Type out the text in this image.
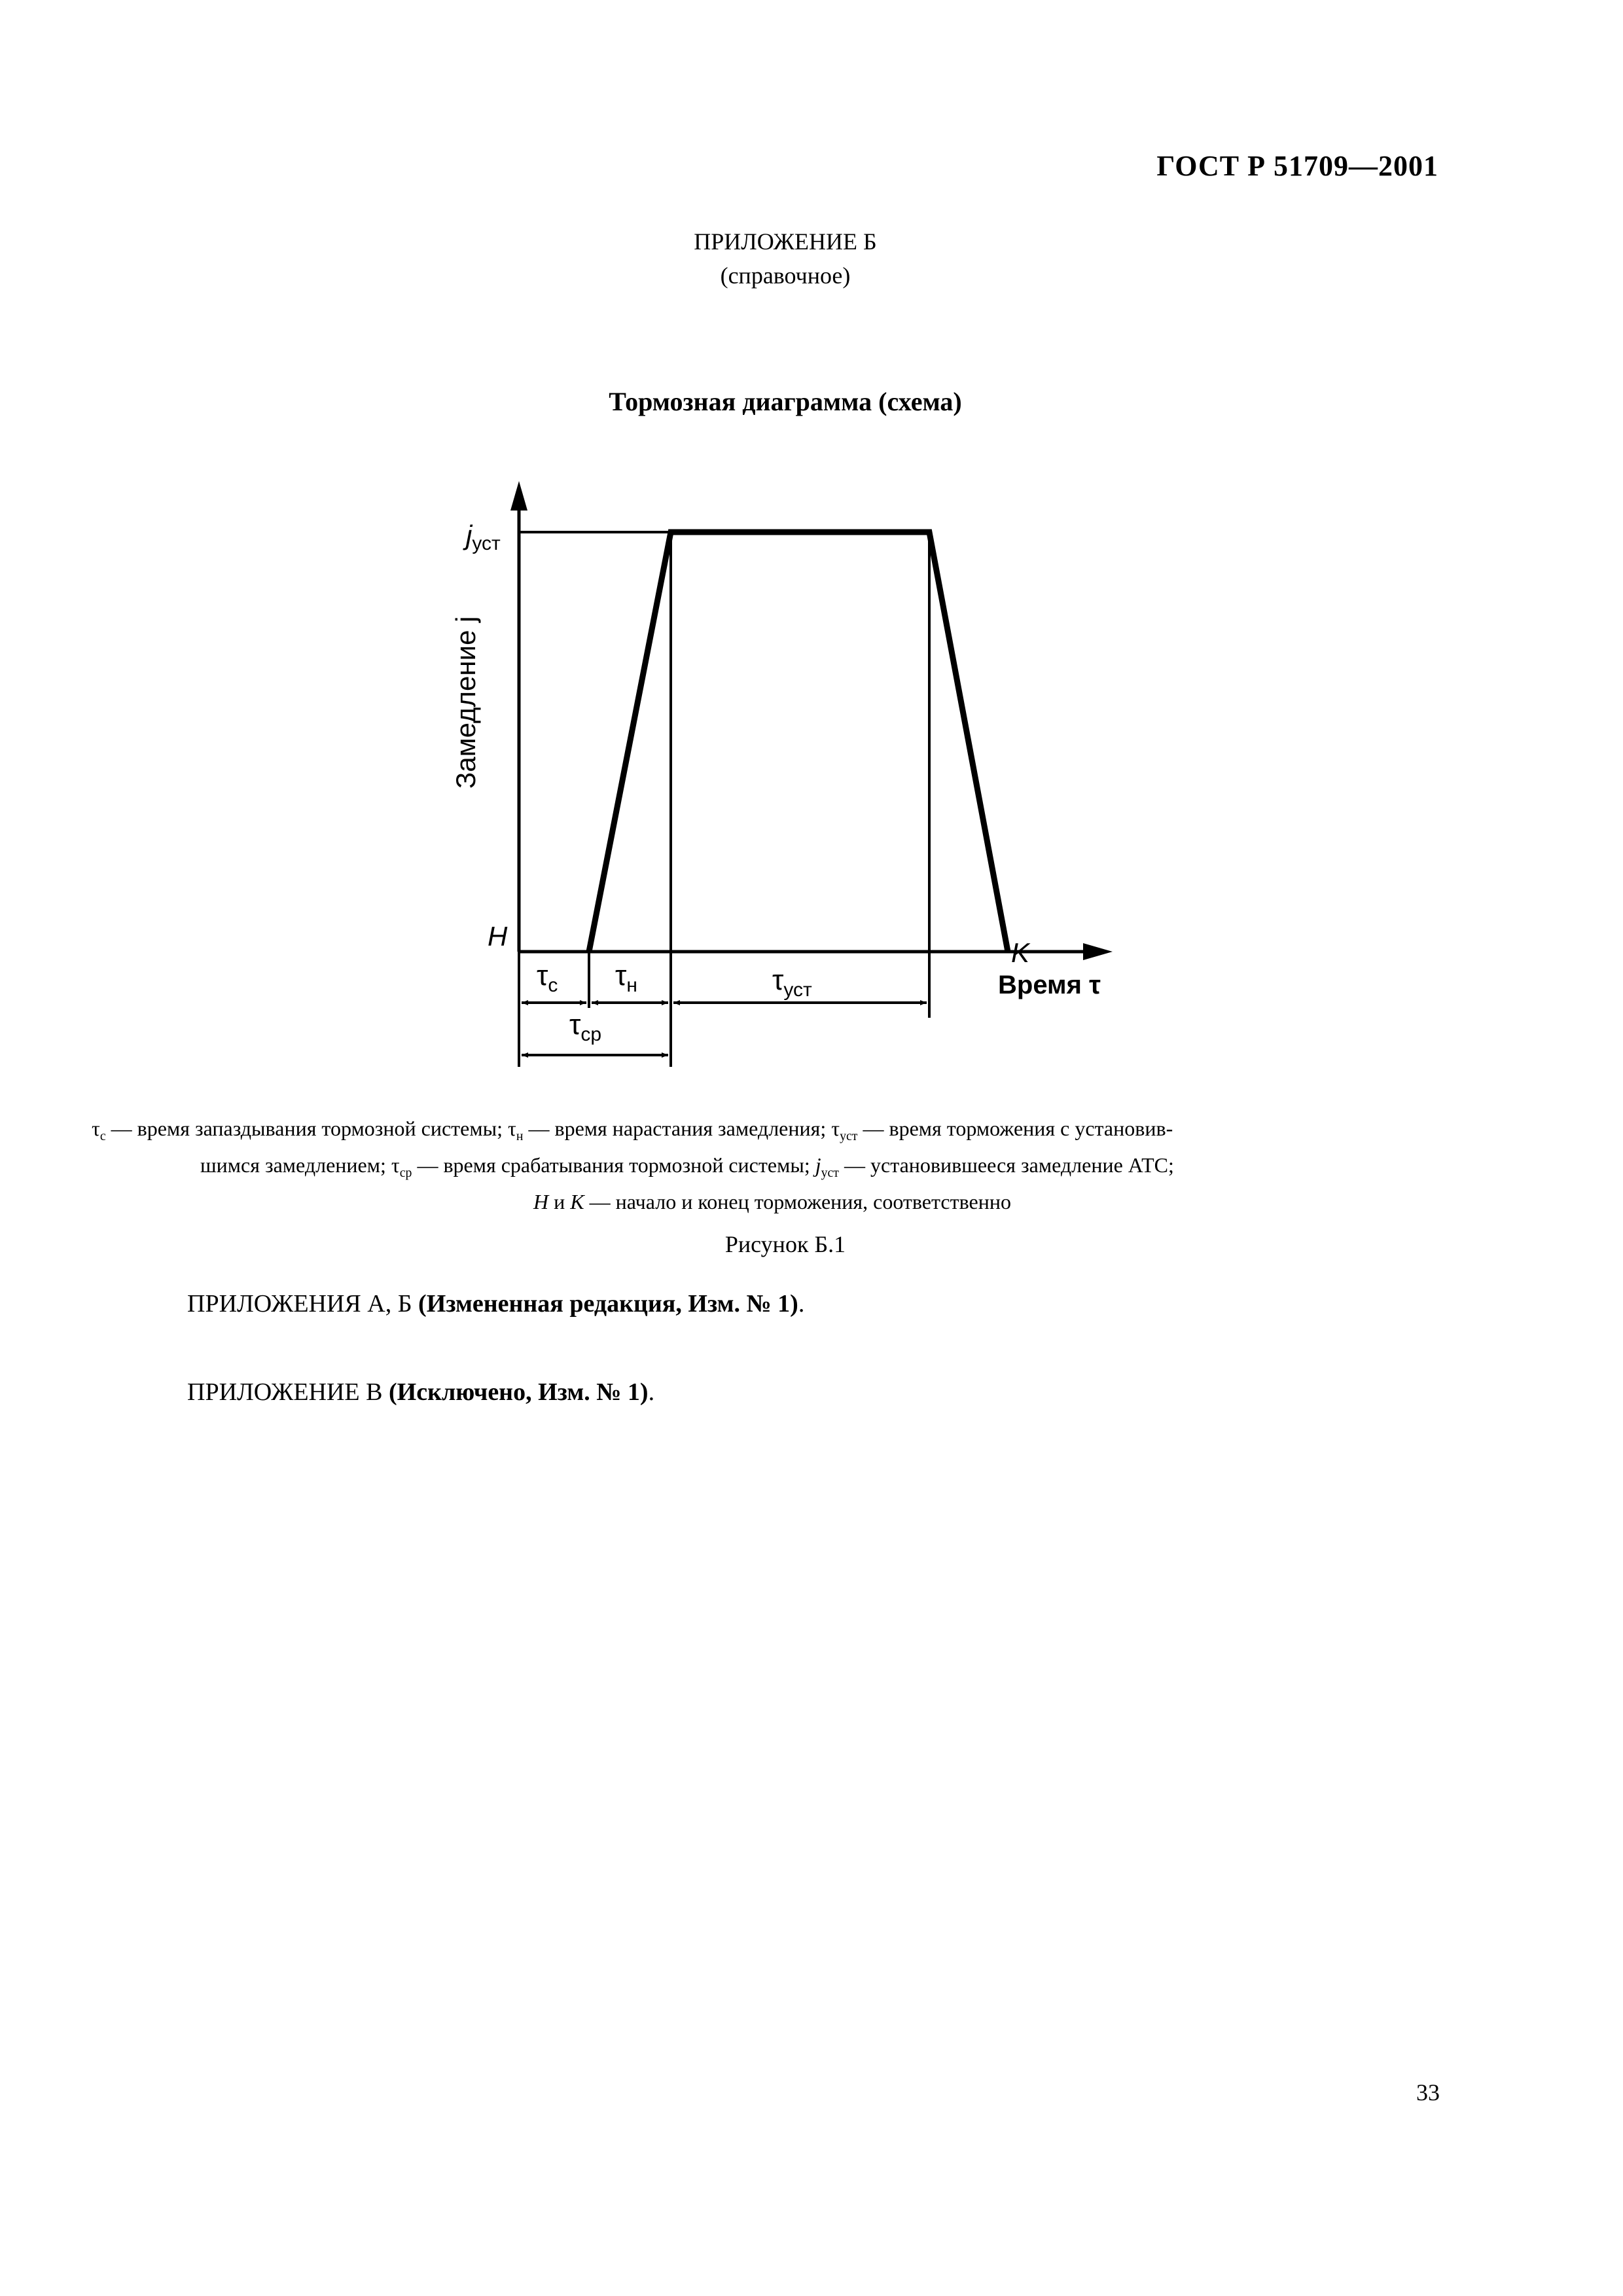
ГОСТ Р 51709—2001
ПРИЛОЖЕНИЕ Б
(справочное)
Тормозная диаграмма (схема)
jуст
Замедление j
H
K
Время τ
$\tau_с$ $\tau_н$	$\tau_{уст}$
$\tau_{ср}$

$\tau_с$ — время запаздывания тормозной системы; $\tau_н$ — время нарастания замедления; $\tau_{уст}$ — время торможения с установив-

шимся замедлением; $\tau_{ср}$ — время срабатывания тормозной системы; $j_{уст}$ — установившееся замедление АТС;

H и K — начало и конец торможения, соответственно

Рисунок Б.1
ПРИЛОЖЕНИЯ А, Б (Измененная редакция, Изм. № 1).
ПРИЛОЖЕНИЕ В (Исключено, Изм. № 1).
33
